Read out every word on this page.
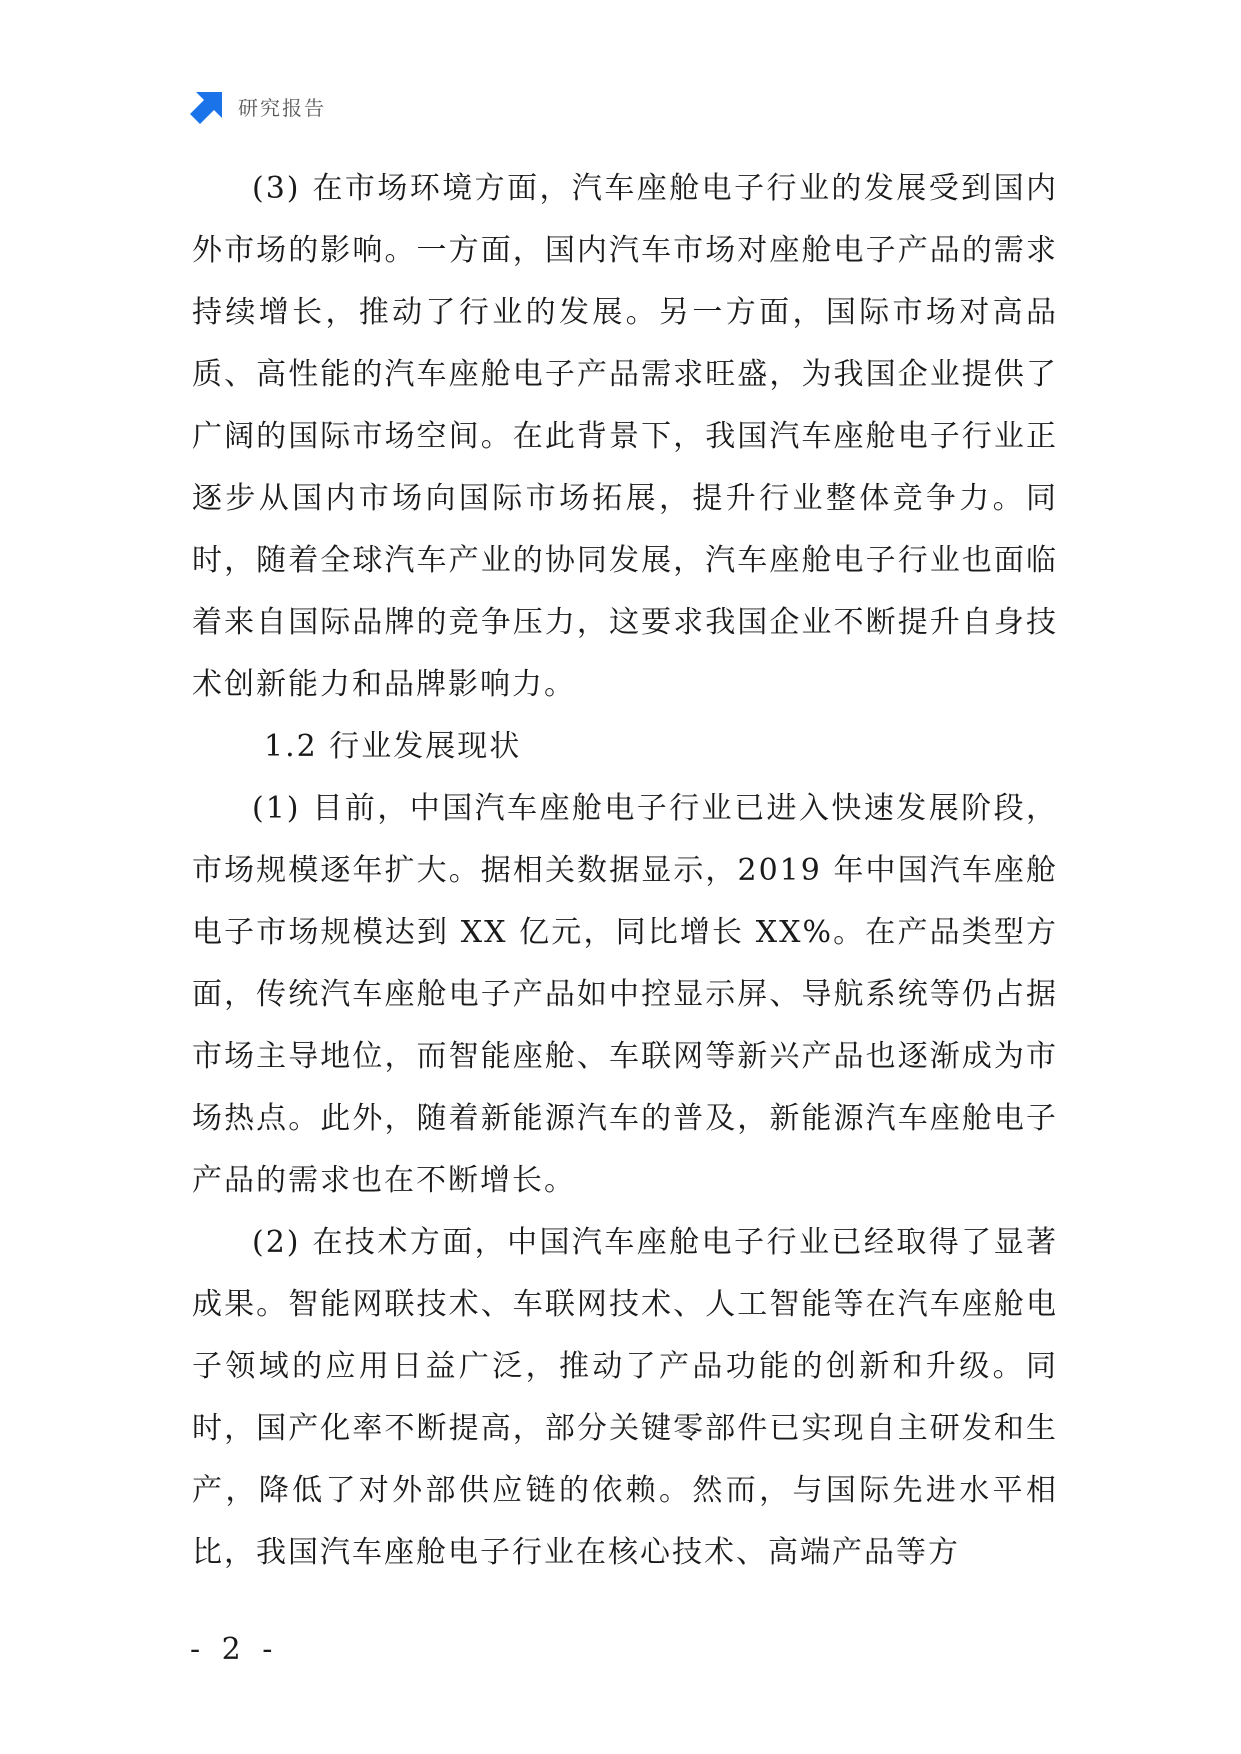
研究报告

(3) 在市场环境方面，汽车座舱电子行业的发展受到国内外市场的影响。一方面，国内汽车市场对座舱电子产品的需求持续增长，推动了行业的发展。另一方面，国际市场对高品质、高性能的汽车座舱电子产品需求旺盛，为我国企业提供了广阔的国际市场空间。在此背景下，我国汽车座舱电子行业正逐步从国内市场向国际市场拓展，提升行业整体竞争力。同时，随着全球汽车产业的协同发展，汽车座舱电子行业也面临着来自国际品牌的竞争压力，这要求我国企业不断提升自身技术创新能力和品牌影响力。

1.2 行业发展现状

(1) 目前，中国汽车座舱电子行业已进入快速发展阶段，市场规模逐年扩大。据相关数据显示，2019 年中国汽车座舱电子市场规模达到 XX 亿元，同比增长 XX%。在产品类型方面，传统汽车座舱电子产品如中控显示屏、导航系统等仍占据市场主导地位，而智能座舱、车联网等新兴产品也逐渐成为市场热点。此外，随着新能源汽车的普及，新能源汽车座舱电子产品的需求也在不断增长。

(2) 在技术方面，中国汽车座舱电子行业已经取得了显著成果。智能网联技术、车联网技术、人工智能等在汽车座舱电子领域的应用日益广泛，推动了产品功能的创新和升级。同时，国产化率不断提高，部分关键零部件已实现自主研发和生产，降低了对外部供应链的依赖。然而，与国际先进水平相比，我国汽车座舱电子行业在核心技术、高端产品等方

- 2 -
